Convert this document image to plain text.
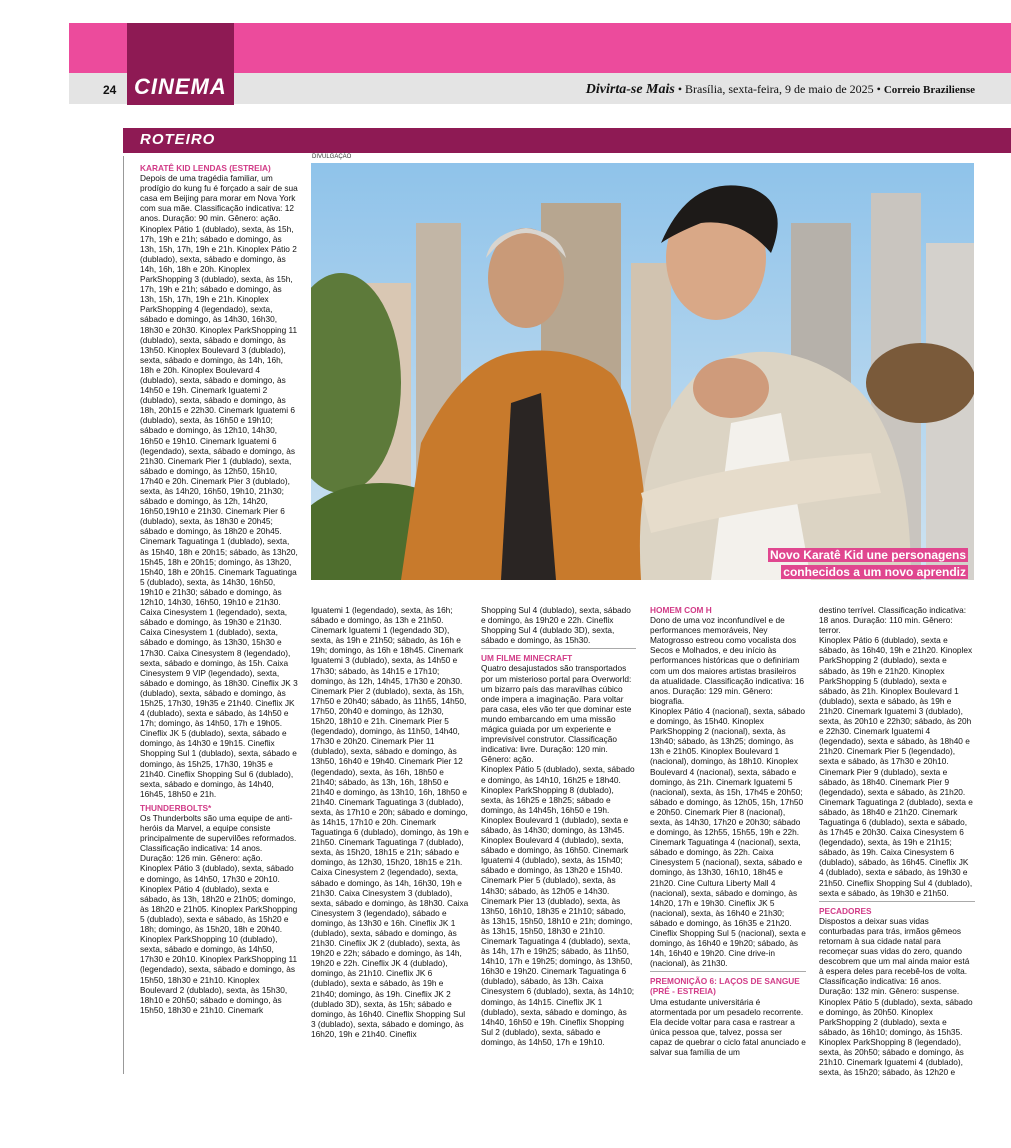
24 CINEMA	Divirta-se Mais • Brasília, sexta-feira, 9 de maio de 2025 • Correio Braziliense
ROTEIRO
DIVULGAÇÃO
Novo Karatê Kid une personagens
conhecidos a um novo aprendiz

KARATÊ KID LENDAS (ESTREIA)

Depois de uma tragédia familiar, um prodígio do kung fu é forçado a sair de sua casa em Beijing para morar em Nova York com sua mãe. Classificação indicativa: 12 anos. Duração: 90 min. Gênero: ação.

Kinoplex Pátio 1 (dublado), sexta, às 15h, 17h, 19h e 21h; sábado e domingo, às 13h, 15h, 17h, 19h e 21h. Kinoplex Pátio 2 (dublado), sexta, sábado e domingo, às 14h, 16h, 18h e 20h. Kinoplex ParkShopping 3 (dublado), sexta, às 15h, 17h, 19h e 21h; sábado e domingo, às 13h, 15h, 17h, 19h e 21h. Kinoplex ParkShopping 4 (legendado), sexta, sábado e domingo, às 14h30, 16h30, 18h30 e 20h30. Kinoplex ParkShopping 11 (dublado), sexta, sábado e domingo, às 13h50. Kinoplex Boulevard 3 (dublado), sexta, sábado e domingo, às 14h, 16h, 18h e 20h. Kinoplex Boulevard 4 (dublado), sexta, sábado e domingo, às 14h50 e 19h. Cinemark Iguatemi 2 (dublado), sexta, sábado e domingo, às 18h, 20h15 e 22h30. Cinemark Iguatemi 6 (dublado), sexta, às 16h50 e 19h10; sábado e domingo, às 12h10, 14h30, 16h50 e 19h10. Cinemark Iguatemi 6 (legendado), sexta, sábado e domingo, às 21h30. Cinemark Pier 1 (dublado), sexta, sábado e domingo, às 12h50, 15h10, 17h40 e 20h. Cinemark Pier 3 (dublado), sexta, às 14h20, 16h50, 19h10, 21h30; sábado e domingo, às 12h, 14h20, 16h50,19h10 e 21h30. Cinemark Pier 6 (dublado), sexta, às 18h30 e 20h45; sábado e domingo, às 18h20 e 20h45. Cinemark Taguatinga 1 (dublado), sexta, às 15h40, 18h e 20h15; sábado, às 13h20, 15h45, 18h e 20h15; domingo, às 13h20, 15h40, 18h e 20h15. Cinemark Taguatinga 5 (dublado), sexta, às 14h30, 16h50, 19h10 e 21h30; sábado e domingo, às 12h10, 14h30, 16h50, 19h10 e 21h30. Caixa Cinesystem 1 (legendado), sexta, sábado e domingo, às 19h30 e 21h30. Caixa Cinesystem 1 (dublado), sexta, sábado e domingo, às 13h30, 15h30 e 17h30. Caixa Cinesystem 8 (legendado), sexta, sábado e domingo, às 15h. Caixa Cinesystem 9 VIP (legendado), sexta, sábado e domingo, às 18h30. Cineflix JK 3 (dublado), sexta, sábado e domingo, às 15h25, 17h30, 19h35 e 21h40. Cineflix JK 4 (dublado), sexta e sábado, às 14h50 e 17h; domingo, às 14h50, 17h e 19h05. Cineflix JK 5 (dublado), sexta, sábado e domingo, às 14h30 e 19h15. Cineflix Shopping Sul 1 (dublado), sexta, sábado e domingo, às 15h25, 17h30, 19h35 e 21h40. Cineflix Shopping Sul 6 (dublado), sexta, sábado e domingo, às 14h40, 16h45, 18h50 e 21h.

THUNDERBOLTS*

Os Thunderbolts são uma equipe de anti-heróis da Marvel, a equipe consiste principalmente de supervilões reformados. Classificação indicativa: 14 anos. Duração: 126 min. Gênero: ação.

Kinoplex Pátio 3 (dublado), sexta, sábado e domingo, às 14h50, 17h30 e 20h10. Kinoplex Pátio 4 (dublado), sexta e sábado, às 13h, 18h20 e 21h05; domingo, às 18h20 e 21h05. Kinoplex ParkShopping 5 (dublado), sexta e sábado, às 15h20 e 18h; domingo, às 15h20, 18h e 20h40. Kinoplex ParkShopping 10 (dublado), sexta, sábado e domingo, às 14h50, 17h30 e 20h10. Kinoplex ParkShopping 11 (legendado), sexta, sábado e domingo, às 15h50, 18h30 e 21h10. Kinoplex Boulevard 2 (dublado), sexta, às 15h30, 18h10 e 20h50; sábado e domingo, às 15h50, 18h30 e 21h10. Cinemark

Iguatemi 1 (legendado), sexta, às 16h; sábado e domingo, às 13h e 21h50. Cinemark Iguatemi 1 (legendado 3D), sexta, às 19h e 21h50; sábado, às 16h e 19h; domingo, às 16h e 18h45. Cinemark Iguatemi 3 (dublado), sexta, às 14h50 e 17h30; sábado, às 14h15 e 17h10; domingo, às 12h, 14h45, 17h30 e 20h30. Cinemark Pier 2 (dublado), sexta, às 15h, 17h50 e 20h40; sábado, às 11h55, 14h50, 17h50, 20h40 e domingo, às 12h30, 15h20, 18h10 e 21h. Cinemark Pier 5 (legendado), domingo, às 11h50, 14h40, 17h30 e 20h20. Cinemark Pier 11 (dublado), sexta, sábado e domingo, às 13h50, 16h40 e 19h40. Cinemark Pier 12 (legendado), sexta, às 16h, 18h50 e 21h40; sábado, às 13h, 16h, 18h50 e 21h40 e domingo, às 13h10, 16h, 18h50 e 21h40. Cinemark Taguatinga 3 (dublado), sexta, às 17h10 e 20h; sábado e domingo, às 14h15, 17h10 e 20h. Cinemark Taguatinga 6 (dublado), domingo, às 19h e 21h50. Cinemark Taguatinga 7 (dublado), sexta, às 15h20, 18h15 e 21h; sábado e domingo, às 12h30, 15h20, 18h15 e 21h. Caixa Cinesystem 2 (legendado), sexta, sábado e domingo, às 14h, 16h30, 19h e 21h30. Caixa Cinesystem 3 (dublado), sexta, sábado e domingo, às 18h30. Caixa Cinesystem 3 (legendado), sábado e domingo, às 13h30 e 16h. Cineflix JK 1 (dublado), sexta, sábado e domingo, às 21h30. Cineflix JK 2 (dublado), sexta, às 19h20 e 22h; sábado e domingo, às 14h, 19h20 e 22h. Cineflix JK 4 (dublado), domingo, às 21h10. Cineflix JK 6 (dublado), sexta e sábado, às 19h e 21h40; domingo, às 19h. Cineflix JK 2 (dublado 3D), sexta, às 15h; sábado e domingo, às 16h40. Cineflix Shopping Sul 3 (dublado), sexta, sábado e domingo, às 16h20, 19h e 21h40. Cineflix

Shopping Sul 4 (dublado), sexta, sábado e domingo, às 19h20 e 22h. Cineflix Shopping Sul 4 (dublado 3D), sexta, sábado e domingo, às 15h30.

UM FILME MINECRAFT

Quatro desajustados são transportados por um misterioso portal para Overworld: um bizarro país das maravilhas cúbico onde impera a imaginação. Para voltar para casa, eles vão ter que dominar este mundo embarcando em uma missão mágica guiada por um experiente e imprevisível construtor. Classificação indicativa: livre. Duração: 120 min. Gênero: ação.

Kinoplex Pátio 5 (dublado), sexta, sábado e domingo, às 14h10, 16h25 e 18h40. Kinoplex ParkShopping 8 (dublado), sexta, às 16h25 e 18h25; sábado e domingo, às 14h45h, 16h50 e 19h. Kinoplex Boulevard 1 (dublado), sexta e sábado, às 14h30; domingo, às 13h45. Kinoplex Boulevard 4 (dublado), sexta, sábado e domingo, às 16h50. Cinemark Iguatemi 4 (dublado), sexta, às 15h40; sábado e domingo, às 13h20 e 15h40. Cinemark Pier 5 (dublado), sexta, às 14h30; sábado, às 12h05 e 14h30. Cinemark Pier 13 (dublado), sexta, às 13h50, 16h10, 18h35 e 21h10; sábado, às 13h15, 15h50, 18h10 e 21h; domingo, às 13h15, 15h50, 18h30 e 21h10. Cinemark Taguatinga 4 (dublado), sexta, às 14h, 17h e 19h25; sábado, às 11h50, 14h10, 17h e 19h25; domingo, às 13h50, 16h30 e 19h20. Cinemark Taguatinga 6 (dublado), sábado, às 13h. Caixa Cinesystem 6 (dublado), sexta, às 14h10; domingo, às 14h15. Cineflix JK 1 (dublado), sexta, sábado e domingo, às 14h40, 16h50 e 19h. Cineflix Shopping Sul 2 (dublado), sexta, sábado e domingo, às 14h50, 17h e 19h10.

HOMEM COM H

Dono de uma voz inconfundível e de performances memoráveis, Ney Matogrosso estreou como vocalista dos Secos e Molhados, e deu início às performances históricas que o definiriam com um dos maiores artistas brasileiros da atualidade. Classificação indicativa: 16 anos. Duração: 129 min. Gênero: biografia.

Kinoplex Pátio 4 (nacional), sexta, sábado e domingo, às 15h40. Kinoplex ParkShopping 2 (nacional), sexta, às 13h40; sábado, às 13h25; domingo, às 13h e 21h05. Kinoplex Boulevard 1 (nacional), domingo, às 18h10. Kinoplex Boulevard 4 (nacional), sexta, sábado e domingo, às 21h. Cinemark Iguatemi 5 (nacional), sexta, às 15h, 17h45 e 20h50; sábado e domingo, às 12h05, 15h, 17h50 e 20h50. Cinemark Pier 8 (nacional), sexta, às 14h30, 17h20 e 20h30; sábado e domingo, às 12h55, 15h55, 19h e 22h. Cinemark Taguatinga 4 (nacional), sexta, sábado e domingo, às 22h. Caixa Cinesystem 5 (nacional), sexta, sábado e domingo, às 13h30, 16h10, 18h45 e 21h20. Cine Cultura Liberty Mall 4 (nacional), sexta, sábado e domingo, às 14h20, 17h e 19h30. Cineflix JK 5 (nacional), sexta, às 16h40 e 21h30; sábado e domingo, às 16h35 e 21h20. Cineflix Shopping Sul 5 (nacional), sexta e domingo, às 16h40 e 19h20; sábado, às 14h, 16h40 e 19h20. Cine drive-in (nacional), às 21h30.

PREMONIÇÃO 6: LAÇOS DE SANGUE (PRÉ - ESTREIA)

Uma estudante universitária é atormentada por um pesadelo recorrente. Ela decide voltar para casa e rastrear a única pessoa que, talvez, possa ser capaz de quebrar o ciclo fatal anunciado e salvar sua família de um

destino terrível. Classificação indicativa: 18 anos. Duração: 110 min. Gênero: terror.

Kinoplex Pátio 6 (dublado), sexta e sábado, às 16h40, 19h e 21h20. Kinoplex ParkShopping 2 (dublado), sexta e sábado, às 19h e 21h20. Kinoplex ParkShopping 5 (dublado), sexta e sábado, às 21h. Kinoplex Boulevard 1 (dublado), sexta e sábado, às 19h e 21h20. Cinemark Iguatemi 3 (dublado), sexta, às 20h10 e 22h30; sábado, às 20h e 22h30. Cinemark Iguatemi 4 (legendado), sexta e sábado, às 18h40 e 21h20. Cinemark Pier 5 (legendado), sexta e sábado, às 17h30 e 20h10. Cinemark Pier 9 (dublado), sexta e sábado, às 18h40. Cinemark Pier 9 (legendado), sexta e sábado, às 21h20. Cinemark Taguatinga 2 (dublado), sexta e sábado, às 18h40 e 21h20. Cinemark Taguatinga 6 (dublado), sexta e sábado, às 17h45 e 20h30. Caixa Cinesystem 6 (legendado), sexta, às 19h e 21h15; sábado, às 19h. Caixa Cinesystem 6 (dublado), sábado, às 16h45. Cineflix JK 4 (dublado), sexta e sábado, às 19h30 e 21h50. Cineflix Shopping Sul 4 (dublado), sexta e sábado, às 19h30 e 21h50.

PECADORES

Dispostos a deixar suas vidas conturbadas para trás, irmãos gêmeos retornam à sua cidade natal para recomeçar suas vidas do zero, quando descobrem que um mal ainda maior está à espera deles para recebê-los de volta. Classificação indicativa: 16 anos. Duração: 132 min. Gênero: suspense.

Kinoplex Pátio 5 (dublado), sexta, sábado e domingo, às 20h50. Kinoplex ParkShopping 2 (dublado), sexta e sábado, às 16h10; domingo, às 15h35. Kinoplex ParkShopping 8 (legendado), sexta, às 20h50; sábado e domingo, às 21h10. Cinemark Iguatemi 4 (dublado), sexta, às 15h20; sábado, às 12h20 e
